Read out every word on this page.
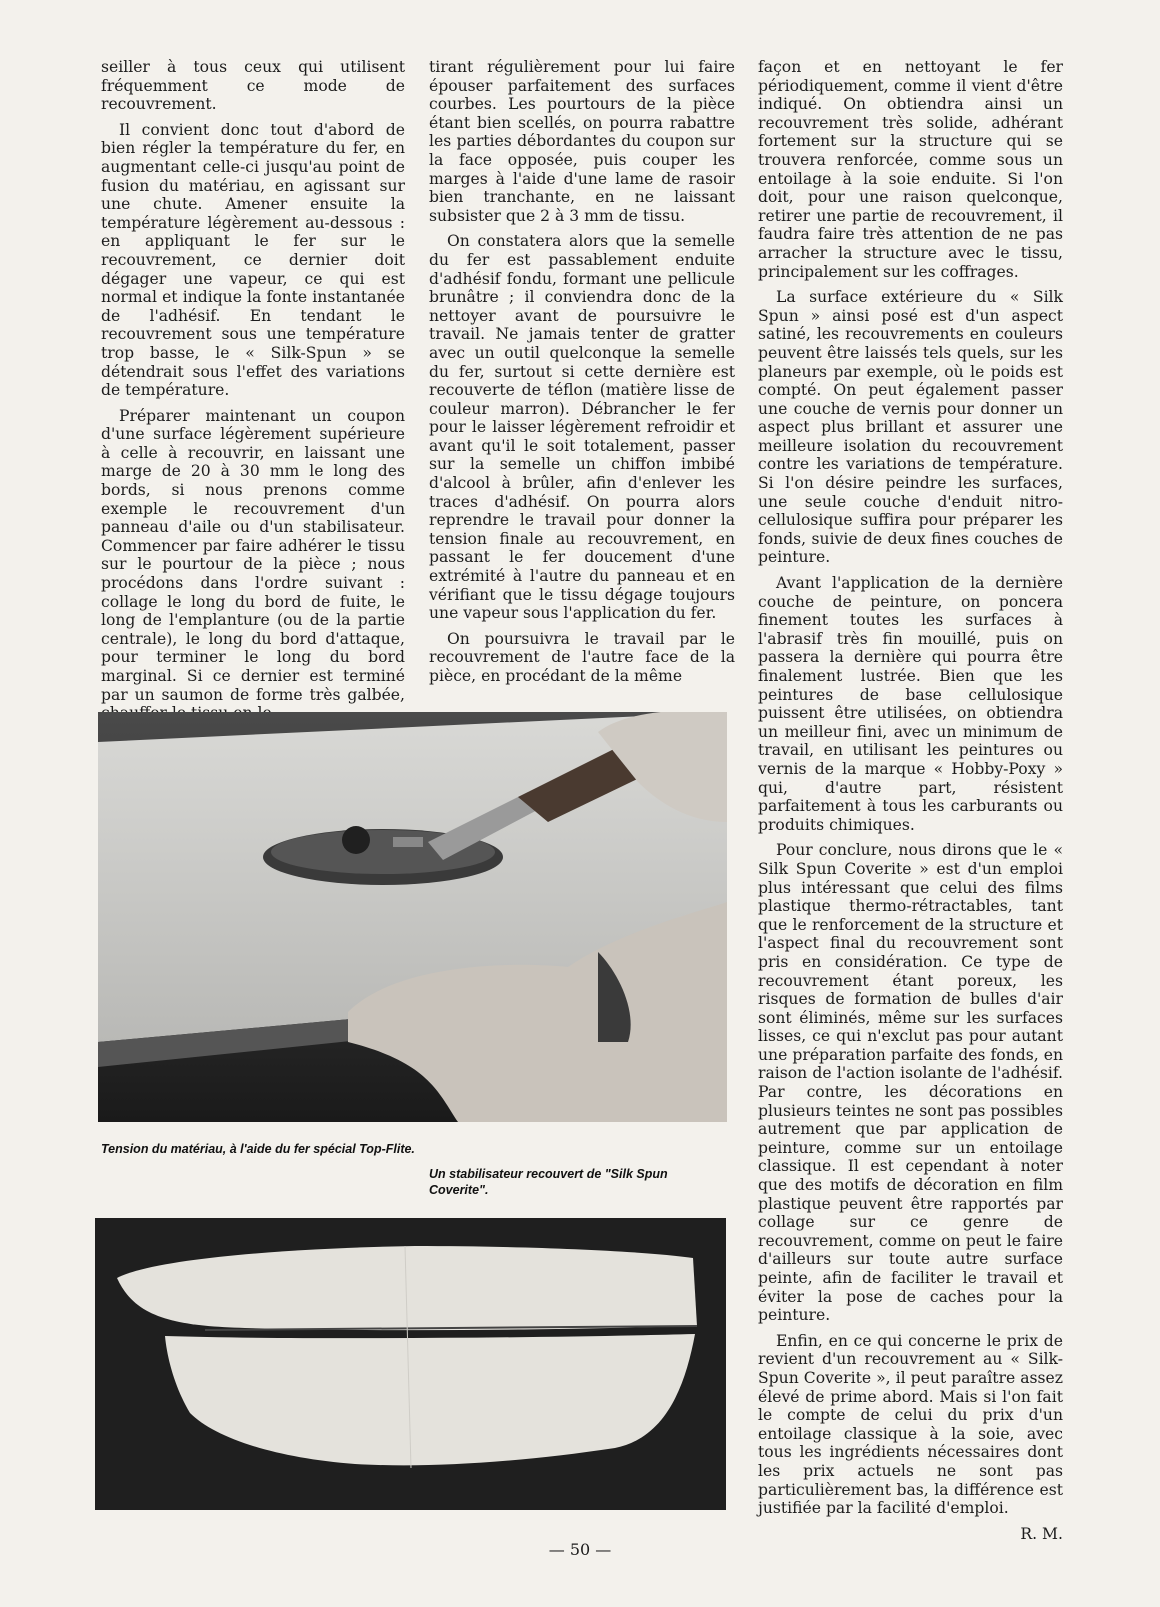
seiller à tous ceux qui utilisent fréquemment ce mode de recouvrement.

Il convient donc tout d'abord de bien régler la température du fer, en augmentant celle-ci jusqu'au point de fusion du matériau, en agissant sur une chute. Amener ensuite la température légèrement au-dessous : en appliquant le fer sur le recouvrement, ce dernier doit dégager une vapeur, ce qui est normal et indique la fonte instantanée de l'adhésif. En tendant le recouvrement sous une température trop basse, le « Silk-Spun » se détendrait sous l'effet des variations de température.

Préparer maintenant un coupon d'une surface légèrement supérieure à celle à recouvrir, en laissant une marge de 20 à 30 mm le long des bords, si nous prenons comme exemple le recouvrement d'un panneau d'aile ou d'un stabilisateur. Commencer par faire adhérer le tissu sur le pourtour de la pièce ; nous procédons dans l'ordre suivant : collage le long du bord de fuite, le long de l'emplanture (ou de la partie centrale), le long du bord d'attaque, pour terminer le long du bord marginal. Si ce dernier est terminé par un saumon de forme très galbée,

tirant régulièrement pour lui faire épouser parfaitement des surfaces courbes. Les pourtours de la pièce étant bien scellés, on pourra rabattre les parties débordantes du coupon sur la face opposée, puis couper les marges à l'aide d'une lame de rasoir bien tranchante, en ne laissant subsister que 2 à 3 mm de tissu.

On constatera alors que la semelle du fer est passablement enduite d'adhésif fondu, formant une pellicule brunâtre ; il conviendra donc de la nettoyer avant de poursuivre le travail. Ne jamais tenter de gratter avec un outil quelconque la semelle du fer, surtout si cette dernière est recouverte de téflon (matière lisse de couleur marron). Débrancher le fer pour le laisser légèrement refroidir et avant qu'il le soit totalement, passer sur la semelle un chiffon imbibé d'alcool à brûler, afin d'enlever les traces d'adhésif. On pourra alors reprendre le travail pour donner la tension finale au recouvrement, en passant le fer doucement d'une extrémité à l'autre du panneau et en vérifiant que le tissu dégage toujours une vapeur sous l'application du fer.

On poursuivra le travail par le recouvrement de l'autre face de la pièce, en procédant de la même

façon et en nettoyant le fer périodiquement, comme il vient d'être indiqué. On obtiendra ainsi un recouvrement très solide, adhérant fortement sur la structure qui se trouvera renforcée, comme sous un entoilage à la soie enduite. Si l'on doit, pour une raison quelconque, retirer une partie de recouvrement, il faudra faire très attention de ne pas arracher la structure avec le tissu, principalement sur les coffrages.

La surface extérieure du « Silk Spun » ainsi posé est d'un aspect satiné, les recouvrements en couleurs peuvent être laissés tels quels, sur les planeurs par exemple, où le poids est compté. On peut également passer une couche de vernis pour donner un aspect plus brillant et assurer une meilleure isolation du recouvrement contre les variations de température. Si l'on désire peindre les surfaces, une seule couche d'enduit nitro-cellulosique suffira pour préparer les fonds, suivie de deux fines couches de peinture.

Avant l'application de la dernière couche de peinture, on poncera finement toutes les surfaces à l'abrasif très fin mouillé, puis on passera la dernière qui pourra être finalement lustrée. Bien que les peintures de base cellulosique puissent être utilisées, on obtiendra un meilleur fini, avec un minimum de travail, en utilisant les peintures ou vernis de la marque « Hobby-Poxy » qui, d'autre part, résistent parfaitement à tous les carburants ou produits chimiques.

Pour conclure, nous dirons que le « Silk Spun Coverite » est d'un emploi plus intéressant que celui des films plastique thermo-rétractables, tant que le renforcement de la structure et l'aspect final du recouvrement sont pris en considération. Ce type de recouvrement étant poreux, les risques de formation de bulles d'air sont éliminés, même sur les surfaces lisses, ce qui n'exclut pas pour autant une préparation parfaite des fonds, en raison de l'action isolante de l'adhésif. Par contre, les décorations en plusieurs teintes ne sont pas possibles autrement que par application de peinture, comme sur un entoilage classique. Il est cependant à noter que des motifs de décoration en film plastique peuvent être rapportés par collage sur ce genre de recouvrement, comme on peut le faire d'ailleurs sur toute autre surface peinte, afin de faciliter le travail et éviter la pose de caches pour la peinture.

Enfin, en ce qui concerne le prix de revient d'un recouvrement au « Silk-Spun Coverite », il peut paraître assez élevé de prime abord. Mais si l'on fait le compte de celui du prix d'un entoilage classique à la soie, avec tous les ingrédients nécessaires dont les prix actuels ne sont pas particulièrement bas, la différence est justifiée par la facilité d'emploi.

R. M.
Tension du matériau, à l'aide du fer spécial Top-Flite.
Un stabilisateur recouvert de "Silk Spun Coverite".
— 50 —
